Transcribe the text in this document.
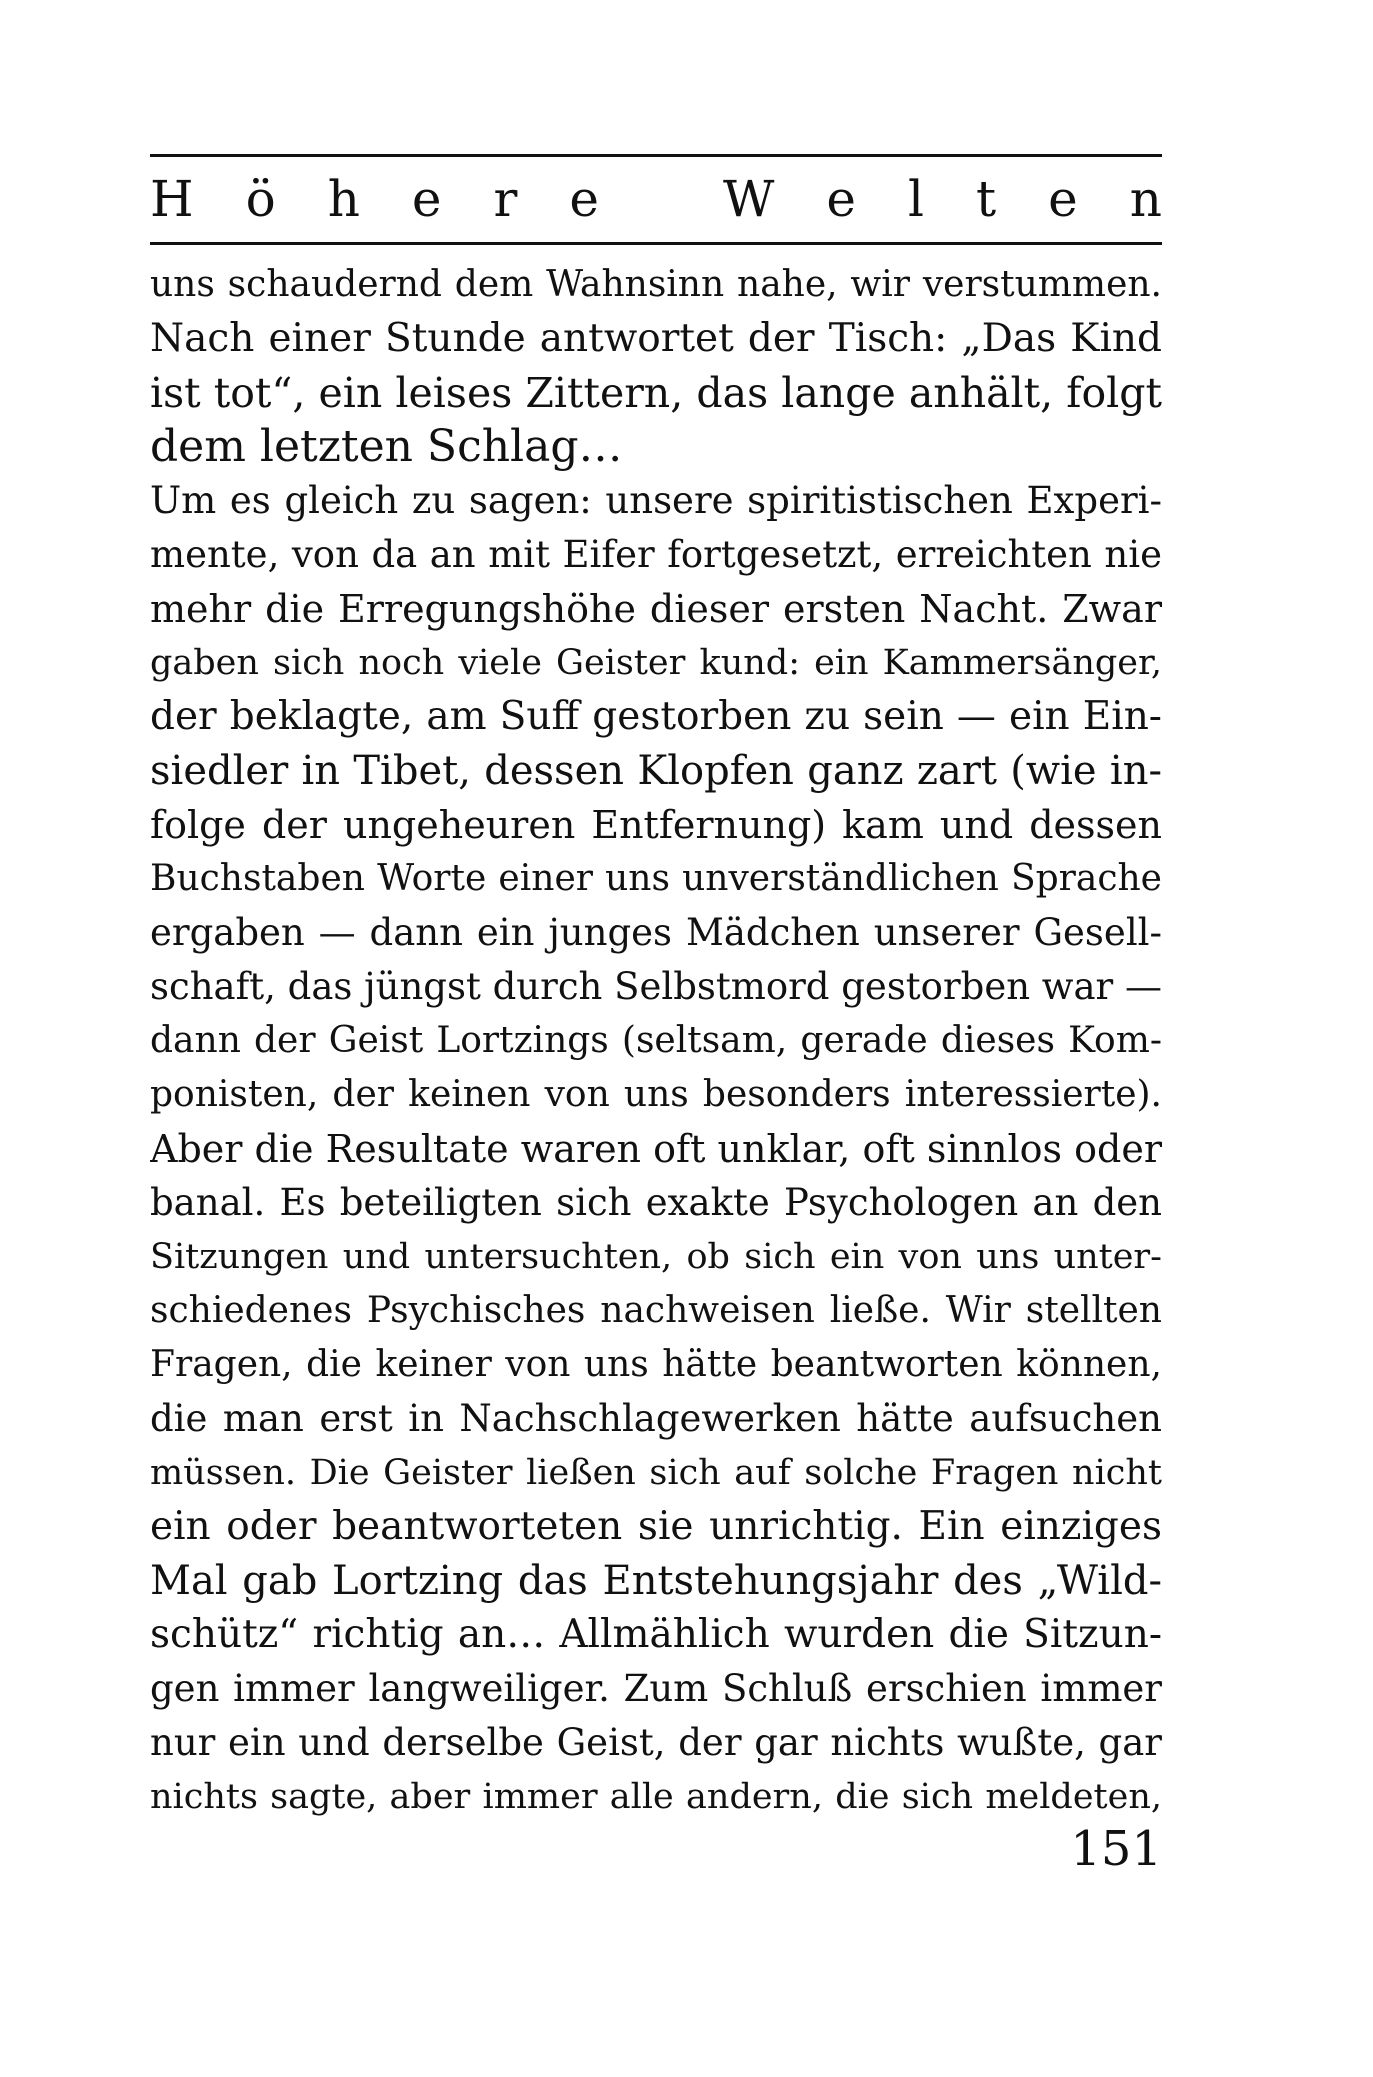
H ö h e r e W e l t e n
uns schaudernd dem Wahnsinn nahe, wir verstummen.
Nach einer Stunde antwortet der Tisch: „Das Kind
ist tot“, ein leises Zittern, das lange anhält, folgt
dem letzten Schlag…
Um es gleich zu sagen: unsere spiritistischen Experi-
mente, von da an mit Eifer fortgesetzt, erreichten nie
mehr die Erregungshöhe dieser ersten Nacht. Zwar
gaben sich noch viele Geister kund: ein Kammersänger,
der beklagte, am Suff gestorben zu sein — ein Ein-
siedler in Tibet, dessen Klopfen ganz zart (wie in-
folge der ungeheuren Entfernung) kam und dessen
Buchstaben Worte einer uns unverständlichen Sprache
ergaben — dann ein junges Mädchen unserer Gesell-
schaft, das jüngst durch Selbstmord gestorben war —
dann der Geist Lortzings (seltsam, gerade dieses Kom-
ponisten, der keinen von uns besonders interessierte).
Aber die Resultate waren oft unklar, oft sinnlos oder
banal. Es beteiligten sich exakte Psychologen an den
Sitzungen und untersuchten, ob sich ein von uns unter-
schiedenes Psychisches nachweisen ließe. Wir stellten
Fragen, die keiner von uns hätte beantworten können,
die man erst in Nachschlagewerken hätte aufsuchen
müssen. Die Geister ließen sich auf solche Fragen nicht
ein oder beantworteten sie unrichtig. Ein einziges
Mal gab Lortzing das Entstehungsjahr des „Wild-
schütz“ richtig an… Allmählich wurden die Sitzun-
gen immer langweiliger. Zum Schluß erschien immer
nur ein und derselbe Geist, der gar nichts wußte, gar
nichts sagte, aber immer alle andern, die sich meldeten,
151
